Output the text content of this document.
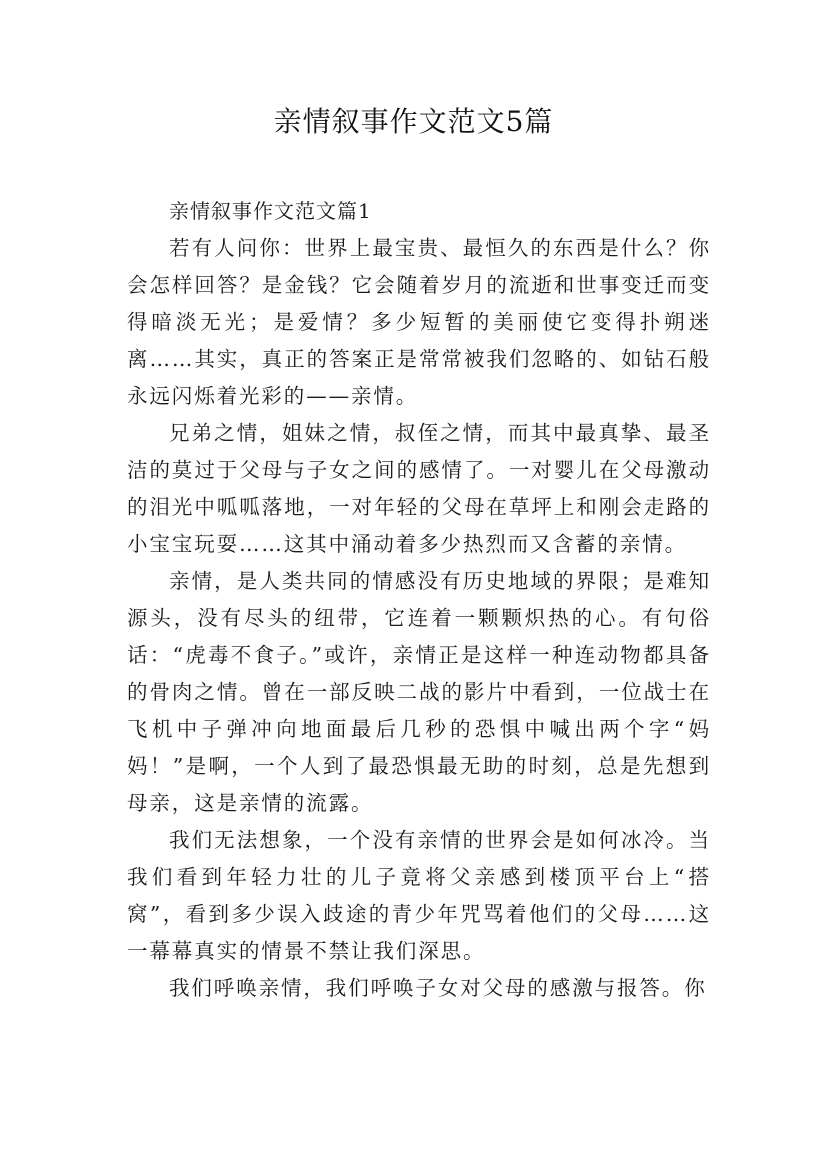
亲情叙事作文范文5篇
亲情叙事作文范文篇1

若有人问你：世界上最宝贵、最恒久的东西是什么？你会怎样回答？是金钱？它会随着岁月的流逝和世事变迁而变得暗淡无光；是爱情？多少短暂的美丽使它变得扑朔迷离……其实，真正的答案正是常常被我们忽略的、如钻石般永远闪烁着光彩的——亲情。

兄弟之情，姐妹之情，叔侄之情，而其中最真挚、最圣洁的莫过于父母与子女之间的感情了。一对婴儿在父母激动的泪光中呱呱落地，一对年轻的父母在草坪上和刚会走路的小宝宝玩耍……这其中涌动着多少热烈而又含蓄的亲情。

亲情，是人类共同的情感没有历史地域的界限；是难知源头，没有尽头的纽带，它连着一颗颗炽热的心。有句俗话：“虎毒不食子。”或许，亲情正是这样一种连动物都具备的骨肉之情。曾在一部反映二战的影片中看到，一位战士在飞机中子弹冲向地面最后几秒的恐惧中喊出两个字“妈妈！”是啊，一个人到了最恐惧最无助的时刻，总是先想到母亲，这是亲情的流露。

我们无法想象，一个没有亲情的世界会是如何冰冷。当我们看到年轻力壮的儿子竟将父亲感到楼顶平台上“搭窝”，看到多少误入歧途的青少年咒骂着他们的父母……这一幕幕真实的情景不禁让我们深思。

我们呼唤亲情，我们呼唤子女对父母的感激与报答。你
